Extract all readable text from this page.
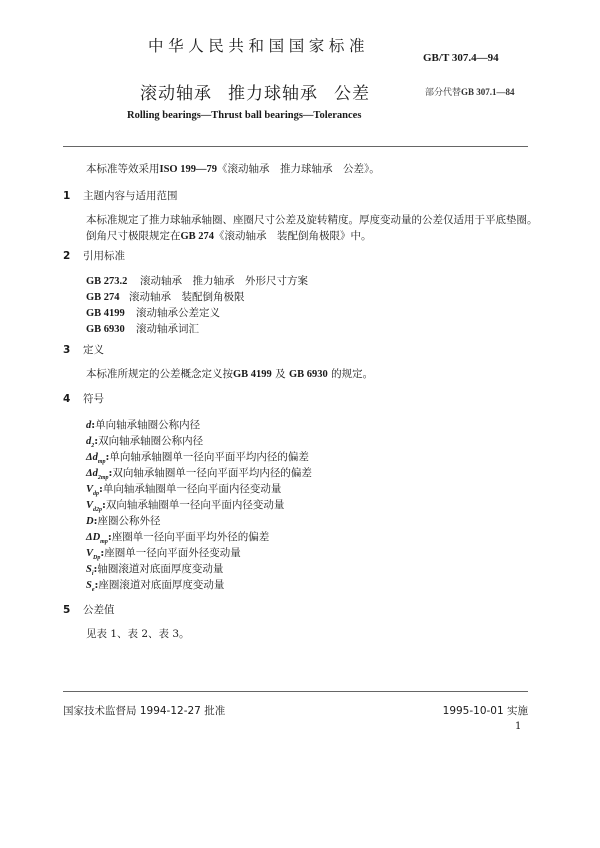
中华人民共和国国家标准
GB/T 307.4—94
滚动轴承 推力球轴承 公差	部分代替GB 307.1—84
Rolling bearings—Thrust ball bearings—Tolerances
本标准等效采用ISO 199—79《滚动轴承　推力球轴承　公差》。
1 主题内容与适用范围
本标准规定了推力球轴承轴圈、座圈尺寸公差及旋转精度。厚度变动量的公差仅适用于平底垫圈。
倒角尺寸极限规定在GB 274《滚动轴承　装配倒角极限》中。
2 引用标准
GB 273.2 滚动轴承　推力轴承　外形尺寸方案
GB 274 滚动轴承　装配倒角极限
GB 4199 滚动轴承公差定义
GB 6930 滚动轴承词汇
3 定义
本标准所规定的公差概念定义按GB 4199 及 GB 6930 的规定。
4 符号
d:单向轴承轴圈公称内径
$d_2$:双向轴承轴圈公称内径
$\Delta d_{mp}$:单向轴承轴圈单一径向平面平均内径的偏差
$\Delta d_{2mp}$:双向轴承轴圈单一径向平面平均内径的偏差
$V_{dp}$:单向轴承轴圈单一径向平面内径变动量
$V_{d2p}$:双向轴承轴圈单一径向平面内径变动量
D:座圈公称外径
$\Delta D_{mp}$:座圈单一径向平面平均外径的偏差
$V_{Dp}$:座圈单一径向平面外径变动量
$S_i$:轴圈滚道对底面厚度变动量
$S_e$:座圈滚道对底面厚度变动量
5 公差值
见表 1、表 2、表 3。
国家技术监督局 1994-12-27 批准	1995-10-01 实施
1
